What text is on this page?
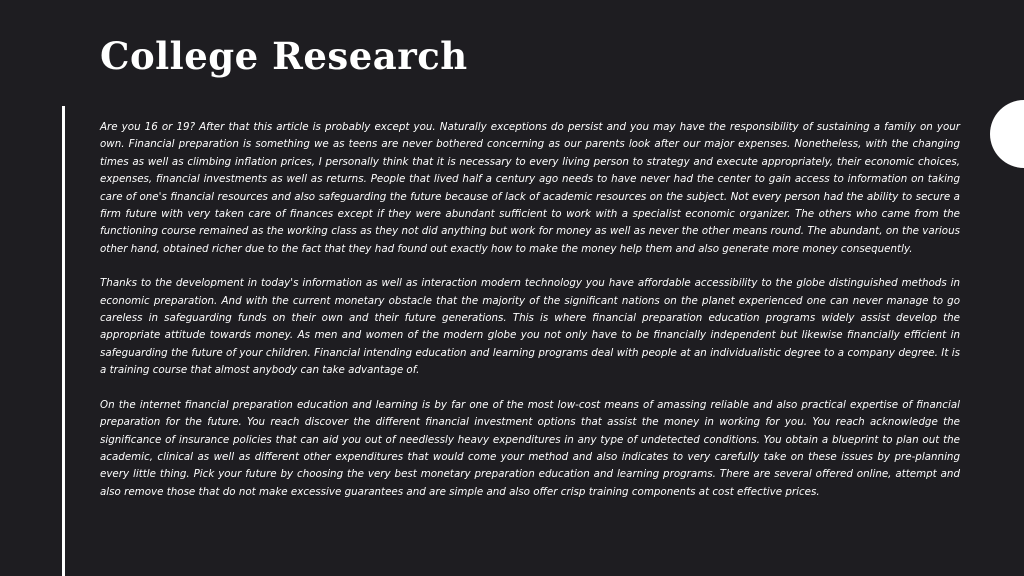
College Research

Are you 16 or 19? After that this article is probably except you. Naturally exceptions do persist and you may have the responsibility of sustaining a family on your own. Financial preparation is something we as teens are never bothered concerning as our parents look after our major expenses. Nonetheless, with the changing times as well as climbing inflation prices, I personally think that it is necessary to every living person to strategy and execute appropriately, their economic choices, expenses, financial investments as well as returns. People that lived half a century ago needs to have never had the center to gain access to information on taking care of one's financial resources and also safeguarding the future because of lack of academic resources on the subject. Not every person had the ability to secure a firm future with very taken care of finances except if they were abundant sufficient to work with a specialist economic organizer. The others who came from the functioning course remained as the working class as they not did anything but work for money as well as never the other means round. The abundant, on the various other hand, obtained richer due to the fact that they had found out exactly how to make the money help them and also generate more money consequently.

Thanks to the development in today's information as well as interaction modern technology you have affordable accessibility to the globe distinguished methods in economic preparation. And with the current monetary obstacle that the majority of the significant nations on the planet experienced one can never manage to go careless in safeguarding funds on their own and their future generations. This is where financial preparation education programs widely assist develop the appropriate attitude towards money. As men and women of the modern globe you not only have to be financially independent but likewise financially efficient in safeguarding the future of your children. Financial intending education and learning programs deal with people at an individualistic degree to a company degree. It is a training course that almost anybody can take advantage of.

On the internet financial preparation education and learning is by far one of the most low-cost means of amassing reliable and also practical expertise of financial preparation for the future. You reach discover the different financial investment options that assist the money in working for you. You reach acknowledge the significance of insurance policies that can aid you out of needlessly heavy expenditures in any type of undetected conditions. You obtain a blueprint to plan out the academic, clinical as well as different other expenditures that would come your method and also indicates to very carefully take on these issues by pre-planning every little thing. Pick your future by choosing the very best monetary preparation education and learning programs. There are several offered online, attempt and also remove those that do not make excessive guarantees and are simple and also offer crisp training components at cost effective prices.
